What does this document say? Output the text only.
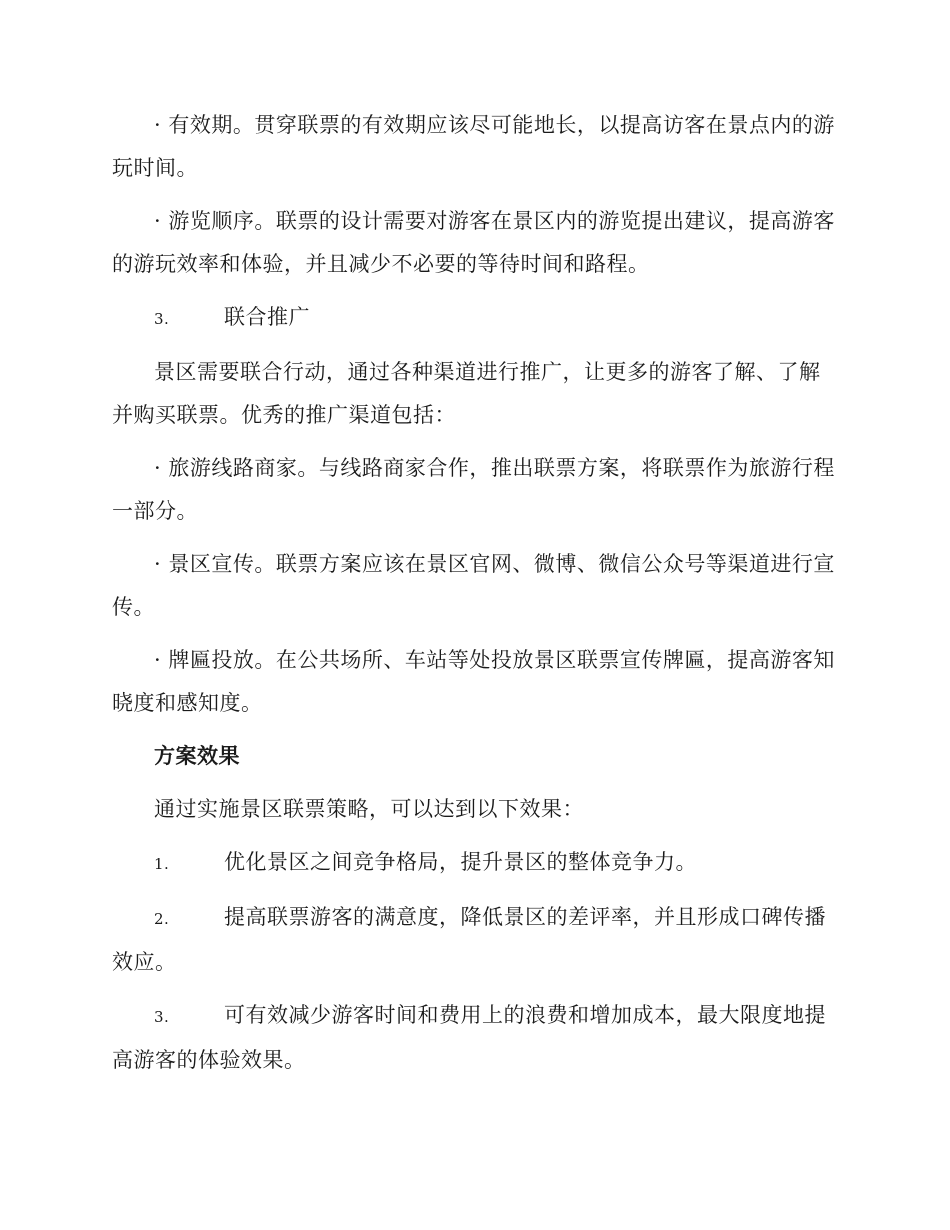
· 有效期。贯穿联票的有效期应该尽可能地长，以提高访客在景点内的游玩时间。

· 游览顺序。联票的设计需要对游客在景区内的游览提出建议，提高游客的游玩效率和体验，并且减少不必要的等待时间和路程。

3.	联合推广

景区需要联合行动，通过各种渠道进行推广，让更多的游客了解、了解并购买联票。优秀的推广渠道包括：

· 旅游线路商家。与线路商家合作，推出联票方案，将联票作为旅游行程一部分。

· 景区宣传。联票方案应该在景区官网、微博、微信公众号等渠道进行宣传。

· 牌匾投放。在公共场所、车站等处投放景区联票宣传牌匾，提高游客知晓度和感知度。

方案效果

通过实施景区联票策略，可以达到以下效果：

1.	优化景区之间竞争格局，提升景区的整体竞争力。

2.	提高联票游客的满意度，降低景区的差评率，并且形成口碑传播效应。

3.	可有效减少游客时间和费用上的浪费和增加成本，最大限度地提高游客的体验效果。
